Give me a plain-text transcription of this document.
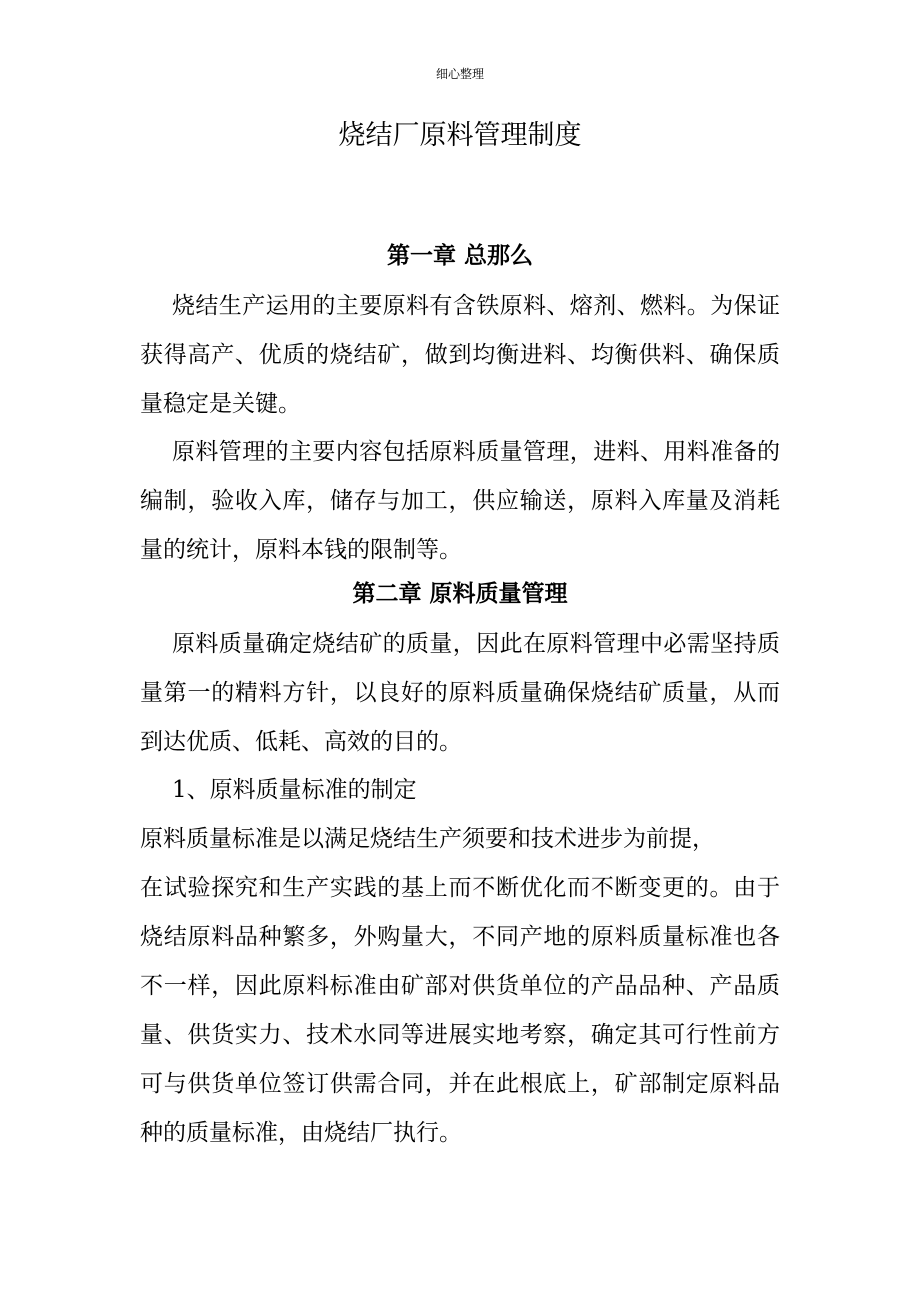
细心整理
烧结厂原料管理制度
第一章 总那么

烧结生产运用的主要原料有含铁原料、熔剂、燃料。为保证获得高产、优质的烧结矿，做到均衡进料、均衡供料、确保质量稳定是关键。

原料管理的主要内容包括原料质量管理，进料、用料准备的编制，验收入库，储存与加工，供应输送，原料入库量及消耗量的统计，原料本钱的限制等。

第二章 原料质量管理

原料质量确定烧结矿的质量，因此在原料管理中必需坚持质量第一的精料方针，以良好的原料质量确保烧结矿质量，从而到达优质、低耗、高效的目的。

1、原料质量标准的制定

原料质量标准是以满足烧结生产须要和技术进步为前提，

在试验探究和生产实践的基上而不断优化而不断变更的。由于烧结原料品种繁多，外购量大，不同产地的原料质量标准也各不一样，因此原料标准由矿部对供货单位的产品品种、产品质量、供货实力、技术水同等进展实地考察，确定其可行性前方可与供货单位签订供需合同，并在此根底上，矿部制定原料品种的质量标准，由烧结厂执行。
